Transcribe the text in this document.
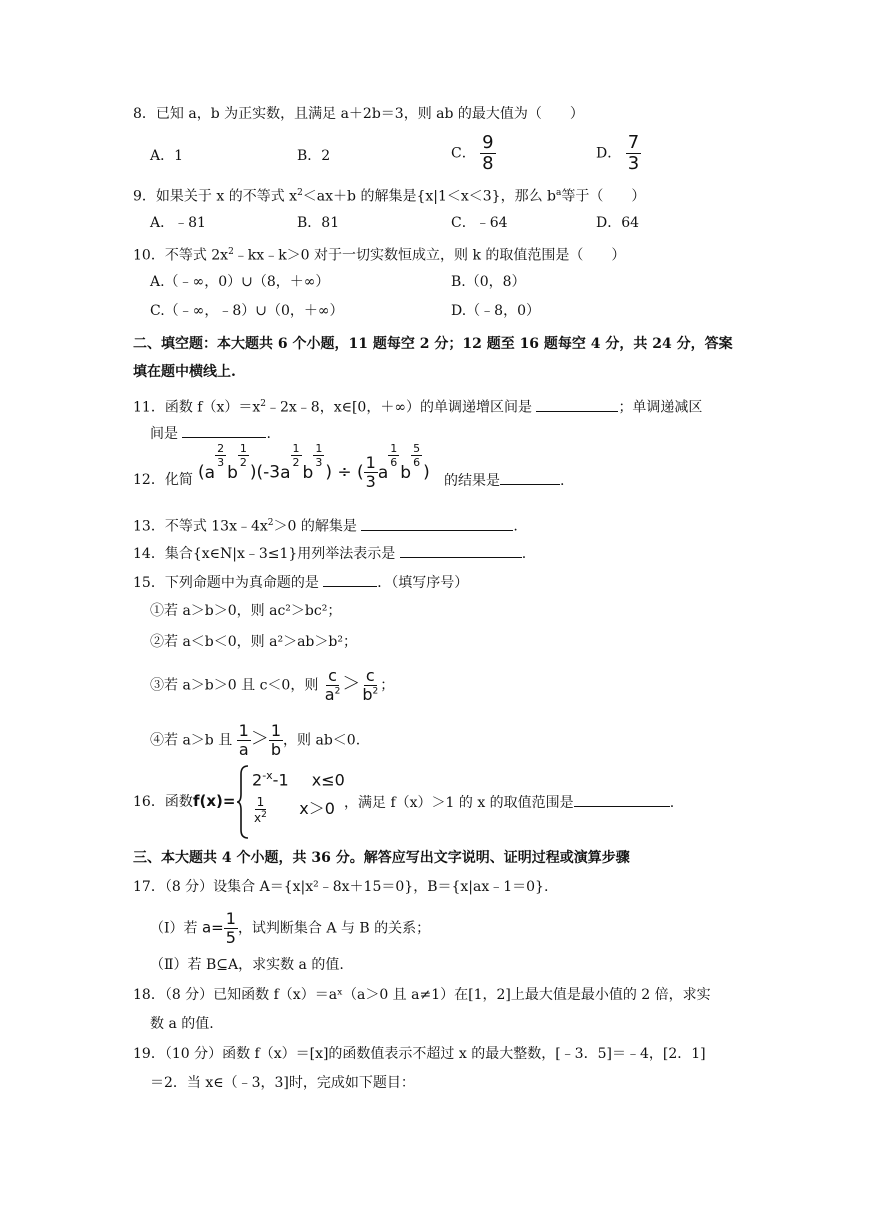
8．已知 a，b 为正实数，且满足 a＋2b＝3，则 ab 的最大值为（　　）
A．1	B．2	C． $\frac{9}{8}$	D． $\frac{7}{3}$
9．如果关于 x 的不等式 $x^2<ax+b$ 的解集是{x|1＜x＜3}，那么 $b^a$等于（　　）
A．﹣81	B．81	C．﹣64	D．64
10．不等式 $2x^2﹣kx﹣k>0$ 对于一切实数恒成立，则 k 的取值范围是（　　）
A.（﹣∞，0）∪（8，＋∞）	B.（0，8）
C.（﹣∞，﹣8）∪（0，＋∞）	D.（﹣8，0）
二、填空题：本大题共 6 个小题，11 题每空 2 分；12 题至 16 题每空 4 分，共 24 分，答案
填在题中横线上.
11．函数 $f(x)=x^2﹣2x﹣8$，x∈[0，＋∞）的单调递增区间是	；单调递减区
间是	.
12．化简 (a
$\frac{2}{3}$
b
$\frac{1}{2}$
)(-3a
$\frac{1}{2}$
b
$\frac{1}{3}$
) ÷ ( $\frac{1}{3}$ a
$\frac{1}{6}$
b
$\frac{5}{6}$
) 的结果是	.
13．不等式 $13x﹣4x^2>0$ 的解集是	.
14．集合{x∈N|x﹣3≤1}用列举法表示是	.
15．下列命题中为真命题的是	．（填写序号）
①若 a＞b＞0，则 ac²＞bc²；
②若 a＜b＜0，则 a²＞ab＞b²；
③若 a＞b＞0 且 c＜0，则 $\frac{c}{a^2} > \frac{c}{b^2}$ ；
④若 a＞b 且 $\frac{1}{a} > \frac{1}{b}$ ，则 ab＜0.
16．函数 f(x)=
$2^{-x}-1$ x≤0
$\frac{1}{x^2} x>0$ ，满足 f（x）＞1 的 x 的取值范围是	.
三、本大题共 4 个小题，共 36 分。解答应写出文字说明、证明过程或演算步骤
17．（8 分）设集合 A＝{x|x²﹣8x＋15＝0}，B＝{x|ax﹣1＝0}.
（Ⅰ）若 $a= \frac{1}{5}$ ，试判断集合 A 与 B 的关系；
（Ⅱ）若 B⊆A，求实数 a 的值.
18．（8 分）已知函数 f（x）＝aˣ（a＞0 且 a≠1）在[1，2]上最大值是最小值的 2 倍，求实
数 a 的值.
19．（10 分）函数 f（x）＝[x]的函数值表示不超过 x 的最大整数，[﹣3．5]＝﹣4，[2．1]
＝2．当 x∈（﹣3，3]时，完成如下题目：
